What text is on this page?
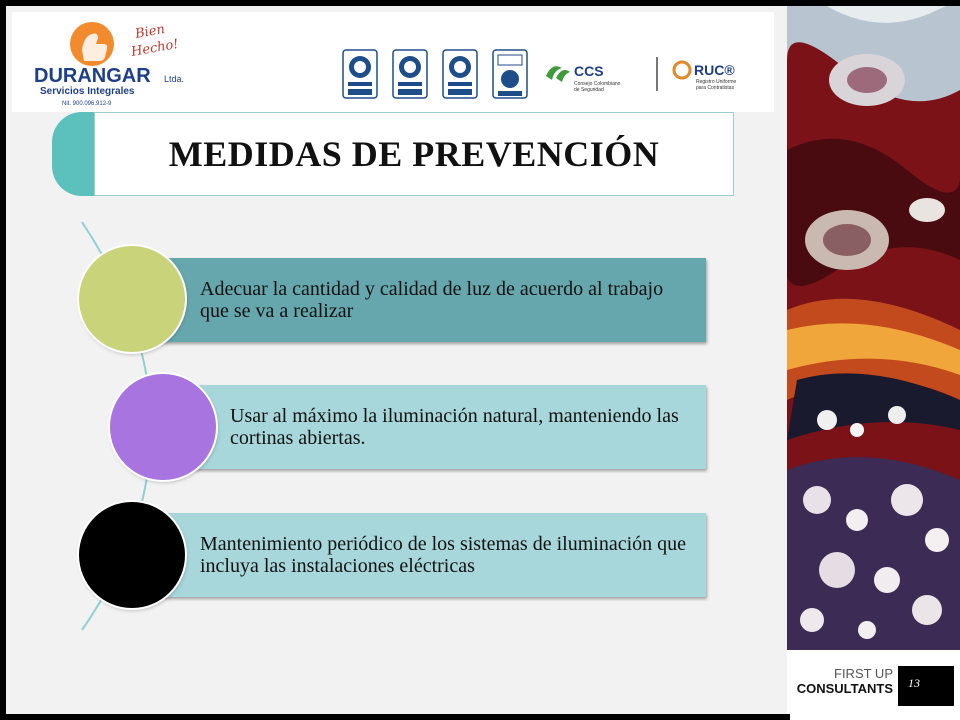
Bien
Hecho!
DURANGAR Ltda.
Servicios Integrales
Nit. 900.096.912-9
CCS
Consejo Colombiano
de Seguridad
RUC®
Registro Uniforme
para Contratistas
MEDIDAS DE PREVENCIÓN
Adecuar la cantidad y calidad de luz de acuerdo al trabajo que se va a realizar
Usar al máximo la iluminación natural, manteniendo las cortinas abiertas.
Mantenimiento periódico de los sistemas de iluminación que incluya las instalaciones eléctricas
FIRST UP
CONSULTANTS	13
